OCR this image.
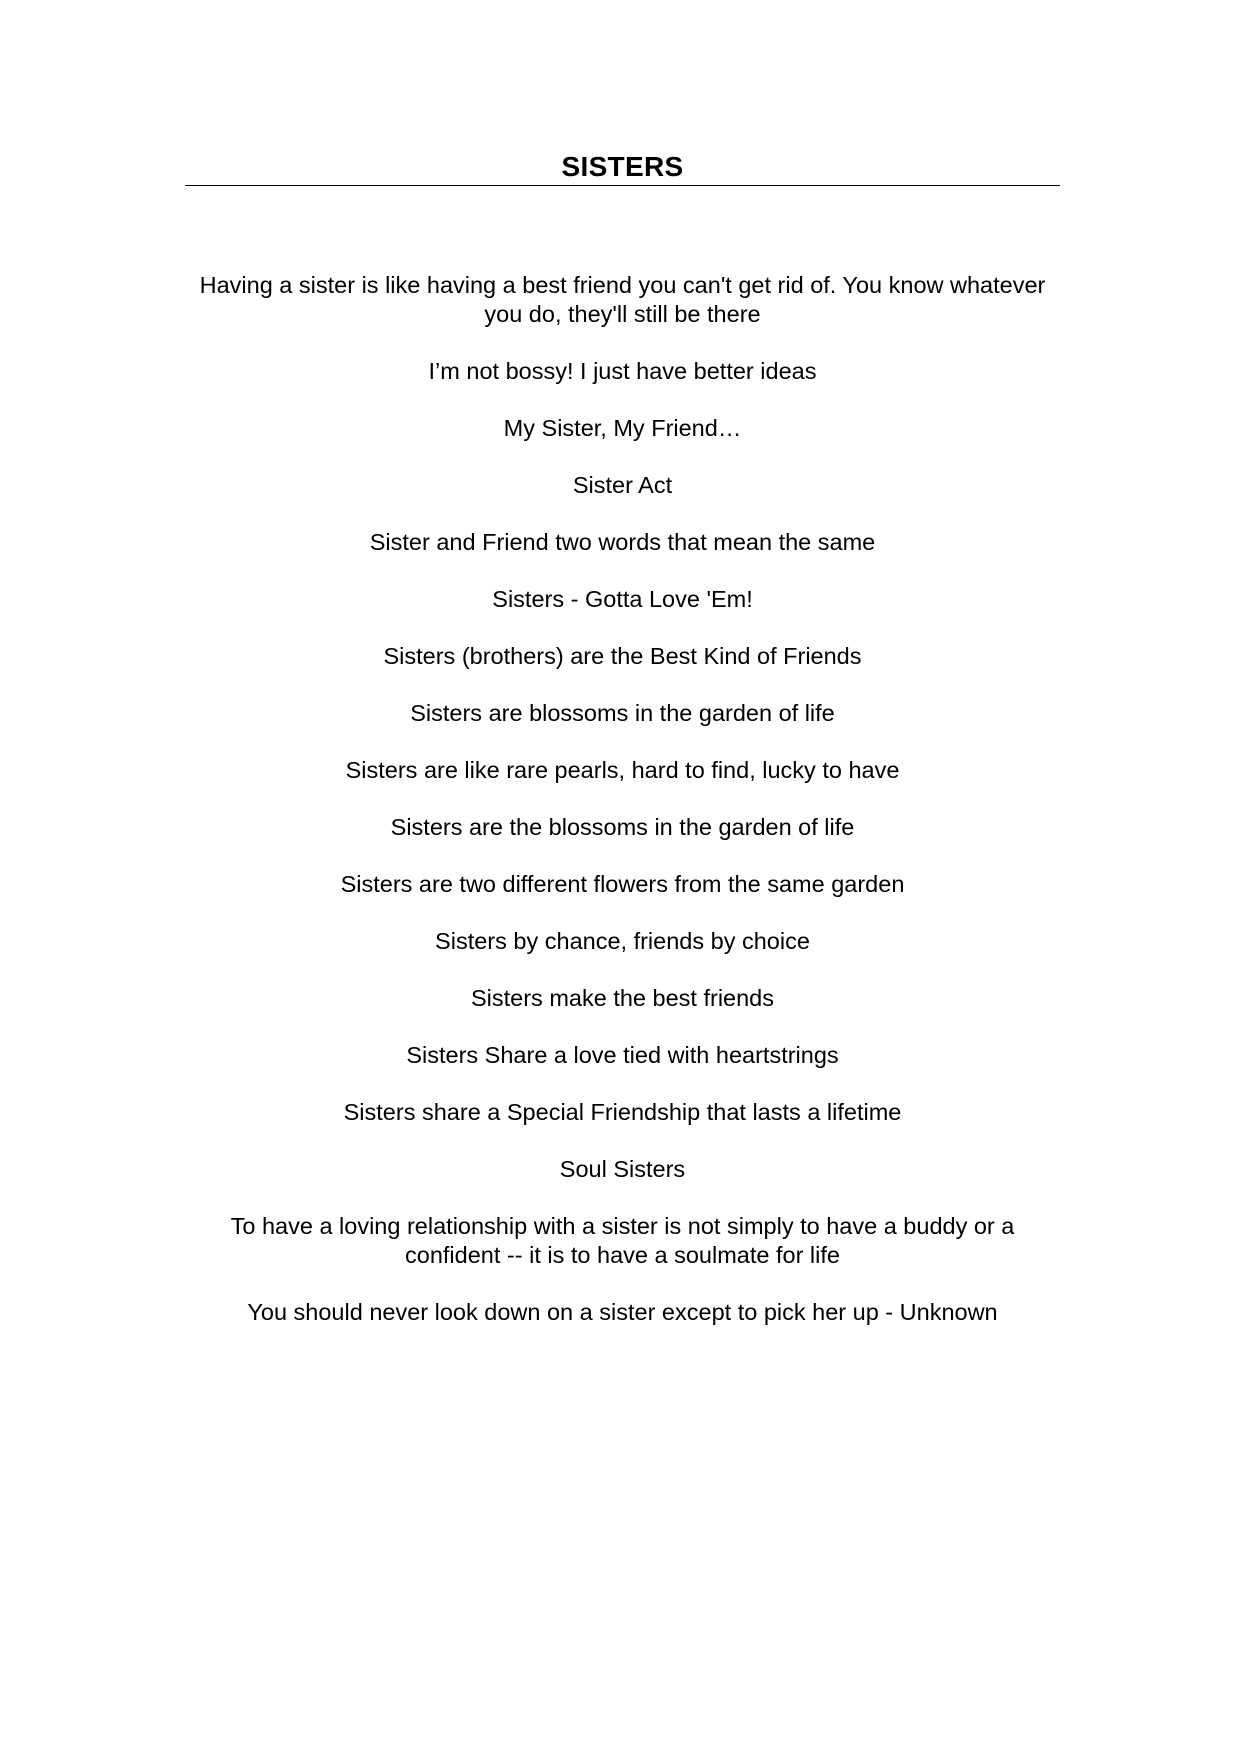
SISTERS
Having a sister is like having a best friend you can't get rid of. You know whatever you do, they'll still be there
I’m not bossy! I just have better ideas
My Sister, My Friend…
Sister Act
Sister and Friend two words that mean the same
Sisters - Gotta Love 'Em!
Sisters (brothers) are the Best Kind of Friends
Sisters are blossoms in the garden of life
Sisters are like rare pearls, hard to find, lucky to have
Sisters are the blossoms in the garden of life
Sisters are two different flowers from the same garden
Sisters by chance, friends by choice
Sisters make the best friends
Sisters Share a love tied with heartstrings
Sisters share a Special Friendship that lasts a lifetime
Soul Sisters
To have a loving relationship with a sister is not simply to have a buddy or a confident -- it is to have a soulmate for life
You should never look down on a sister except to pick her up - Unknown
